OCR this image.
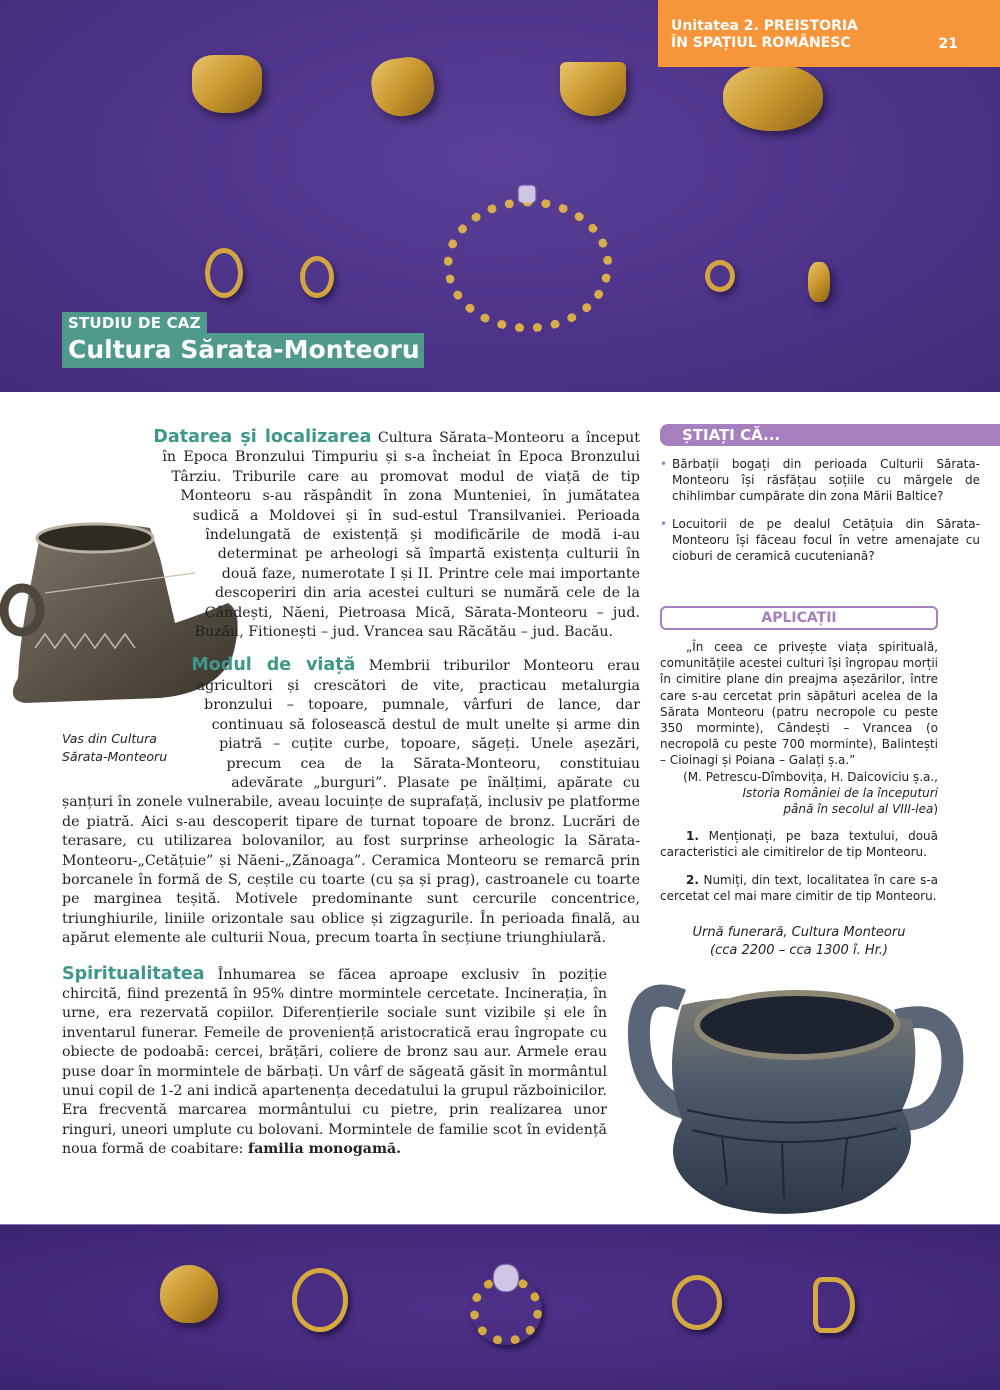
Unitatea 2. PREISTORIA
ÎN SPAȚIUL ROMÂNESC	21
STUDIU DE CAZ
Cultura Sărata-Monteoru
Vas din Cultura
Sărata-Monteoru

Datarea și localizarea Cultura Sărata–Monteoru a început în Epoca Bronzului Timpuriu și s-a încheiat în Epoca Bronzului Târziu. Triburile care au promovat modul de viață de tip Monteoru s-au răspândit în zona Munteniei, în jumătatea sudică a Moldovei și în sud-estul Transilvaniei. Perioada îndelungată de existență și modificările de modă i-au determinat pe arheologi să împartă existența culturii în două faze, numerotate I și II. Printre cele mai importante descoperiri din aria acestei culturi se numără cele de la Cândești, Năeni, Pietroasa Mică, Sărata-Monteoru – jud. Buzău, Fitionești – jud. Vrancea sau Răcătău – jud. Bacău.

Modul de viață Membrii triburilor Monteoru erau agricultori și crescători de vite, practicau metalurgia bronzului – topoare, pumnale, vârfuri de lance, dar continuau să folosească destul de mult unelte și arme din piatră – cuțite curbe, topoare, săgeți. Unele așezări, precum cea de la Sărata-Monteoru, constituiau adevărate „burguri”. Plasate pe înălțimi, apărate cu șanțuri în zonele vulnerabile, aveau locuințe de suprafață, inclusiv pe platforme de piatră. Aici s-au descoperit tipare de turnat topoare de bronz. Lucrări de terasare, cu utilizarea bolovanilor, au fost surprinse arheologic la Sărata-Monteoru-„Cetățuie” și Năeni-„Zănoaga”. Ceramica Monteoru se remarcă prin borcanele în formă de S, ceștile cu toarte (cu șa și prag), castroanele cu toarte pe marginea teșită. Motivele predominante sunt cercurile concentrice, triunghiurile, liniile orizontale sau oblice și zigzagurile. În perioada finală, au apărut elemente ale culturii Noua, precum toarta în secțiune triunghiulară.

Spiritualitatea Înhumarea se făcea aproape exclusiv în poziție chircită, fiind prezentă în 95% dintre mormintele cercetate. Incinerația, în urne, era rezervată copiilor. Diferențierile sociale sunt vizibile și ele în inventarul funerar. Femeile de proveniență aristocratică erau îngropate cu obiecte de podoabă: cercei, brățări, coliere de bronz sau aur. Armele erau puse doar în mormintele de bărbați. Un vârf de săgeată găsit în mormântul unui copil de 1-2 ani indică apartenența decedatului la grupul războinicilor. Era frecventă marcarea mormântului cu pietre, prin realizarea unor ringuri, uneori umplute cu bolovani. Mormintele de familie scot în evidență noua formă de coabitare: familia monogamă.

ȘTIAȚI CĂ...
• Bărbații bogați din perioada Culturii Sărata-Monteoru își răsfățau soțiile cu mărgele de chihlimbar cumpărate din zona Mării Baltice?
• Locuitorii de pe dealul Cetățuia din Sărata-Monteoru își făceau focul în vetre amenajate cu cioburi de ceramică cucuteniană?
APLICAȚII

„În ceea ce privește viața spirituală, comunitățile acestei culturi își îngropau morții în cimitire plane din preajma așezărilor, între care s-au cercetat prin săpături acelea de la Sărata Monteoru (patru necropole cu peste 350 morminte), Cândești – Vrancea (o necropolă cu peste 700 morminte), Balintești – Cioinagi și Poiana – Galați ș.a.”

(M. Petrescu-Dîmbovița, H. Daicoviciu ș.a.,
Istoria României de la începuturi
până în secolul al VIII-lea)

1. Menționați, pe baza textului, două caracteristici ale cimitirelor de tip Monteoru.

2. Numiți, din text, localitatea în care s-a cercetat cel mai mare cimitir de tip Monteoru.

Urnă funerară, Cultura Monteoru
(cca 2200 – cca 1300 î. Hr.)
